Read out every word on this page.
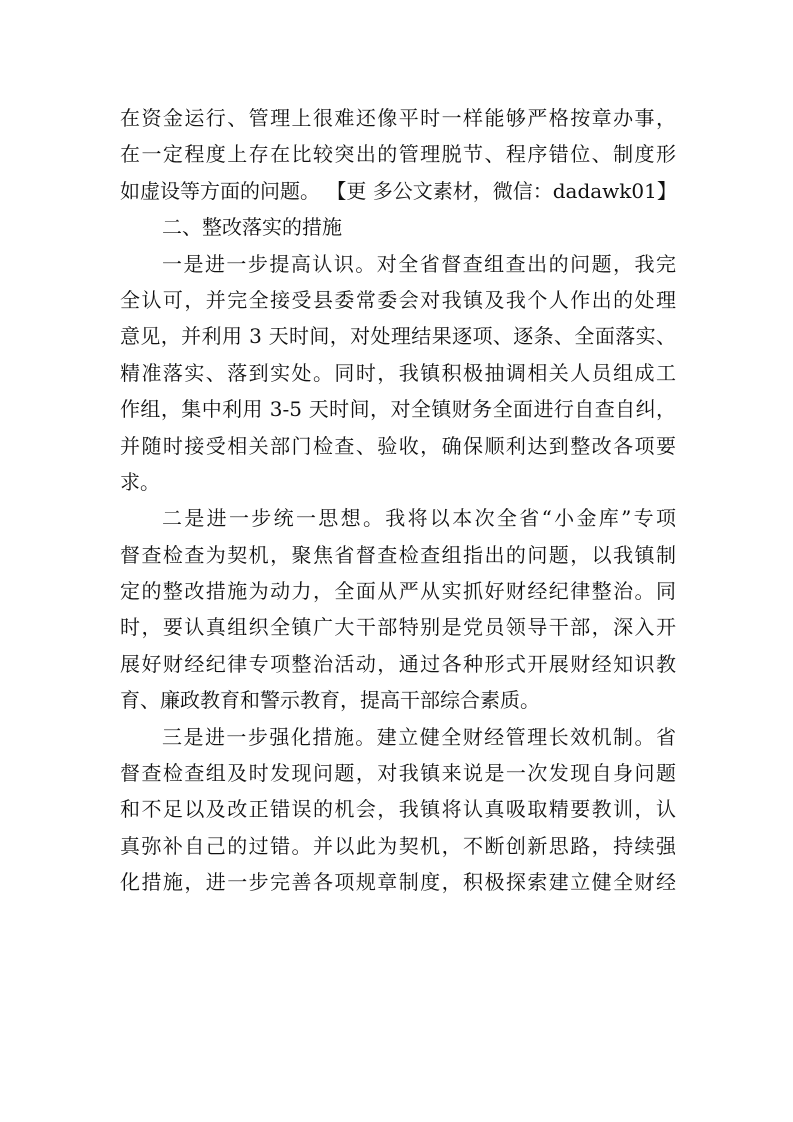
在资金运行、管理上很难还像平时一样能够严格按章办事，
在一定程度上存在比较突出的管理脱节、程序错位、制度形
如虚设等方面的问题。 【更 多公文素材，微信：dadawk01】
二、整改落实的措施
一是进一步提高认识。对全省督查组查出的问题，我完
全认可，并完全接受县委常委会对我镇及我个人作出的处理
意见，并利用 3 天时间，对处理结果逐项、逐条、全面落实、
精准落实、落到实处。同时，我镇积极抽调相关人员组成工
作组，集中利用 3-5 天时间，对全镇财务全面进行自查自纠，
并随时接受相关部门检查、验收，确保顺利达到整改各项要
求。
二是进一步统一思想。我将以本次全省“小金库”专项
督查检查为契机，聚焦省督查检查组指出的问题，以我镇制
定的整改措施为动力，全面从严从实抓好财经纪律整治。同
时，要认真组织全镇广大干部特别是党员领导干部，深入开
展好财经纪律专项整治活动，通过各种形式开展财经知识教
育、廉政教育和警示教育，提高干部综合素质。
三是进一步强化措施。建立健全财经管理长效机制。省
督查检查组及时发现问题，对我镇来说是一次发现自身问题
和不足以及改正错误的机会，我镇将认真吸取精要教训，认
真弥补自己的过错。并以此为契机，不断创新思路，持续强
化措施，进一步完善各项规章制度，积极探索建立健全财经
